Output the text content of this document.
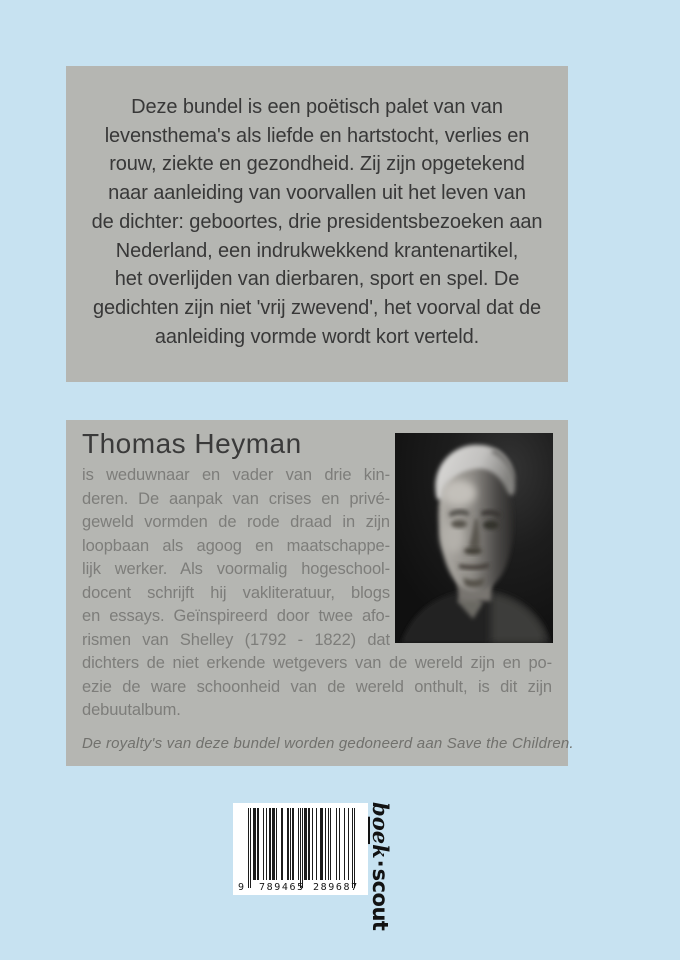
Deze bundel is een poëtisch palet van van
levensthema's als liefde en hartstocht, verlies en
rouw, ziekte en gezondheid. Zij zijn opgetekend
naar aanleiding van voorvallen uit het leven van
de dichter: geboortes, drie presidentsbezoeken aan
Nederland, een indrukwekkend krantenartikel,
het overlijden van dierbaren, sport en spel. De
gedichten zijn niet 'vrij zwevend', het voorval dat de
aanleiding vormde wordt kort verteld.
Thomas Heyman
is weduwnaar en vader van drie kin-
deren. De aanpak van crises en privé-
geweld vormden de rode draad in zijn
loopbaan als agoog en maatschappe-
lijk werker. Als voormalig hogeschool-
docent schrijft hij vakliteratuur, blogs
en essays. Geïnspireerd door twee afo-
rismen van Shelley (1792 - 1822) dat
dichters de niet erkende wetgevers van de wereld zijn en po-
ezie de ware schoonheid van de wereld onthult, is dit zijn
debuutalbum.
De royalty's van deze bundel worden gedoneerd aan Save the Children.
9 789465 289687
boek·scout
